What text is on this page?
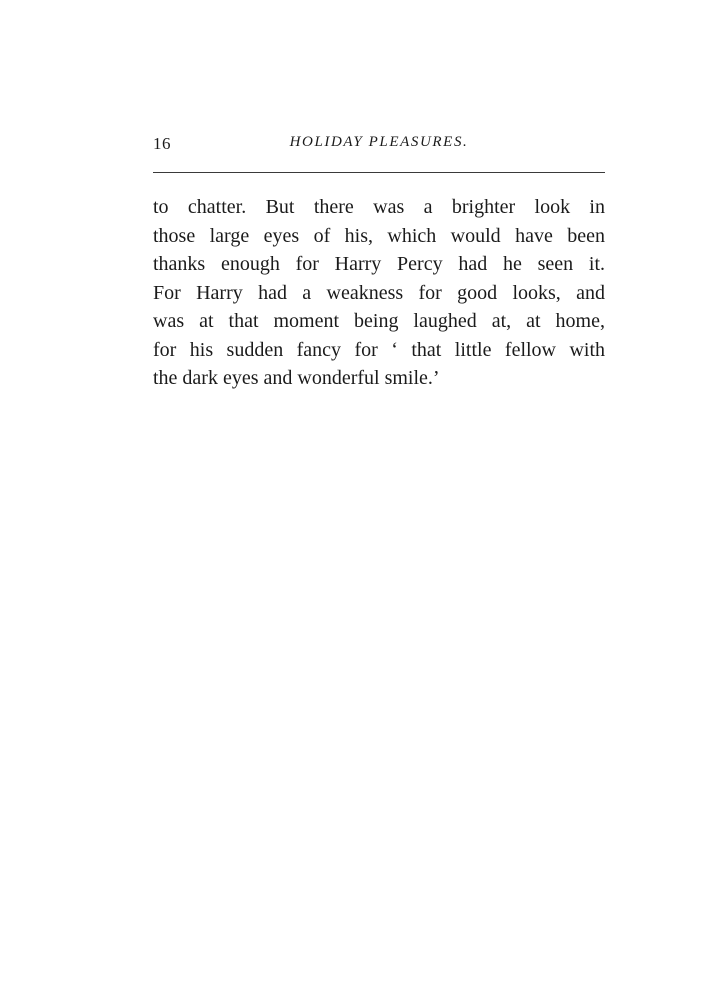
16	HOLIDAY PLEASURES.

to chatter. But there was a brighter look in
those large eyes of his, which would have been
thanks enough for Harry Percy had he seen it.
For Harry had a weakness for good looks, and
was at that moment being laughed at, at home,
for his sudden fancy for ‘ that little fellow with
the dark eyes and wonderful smile.’
